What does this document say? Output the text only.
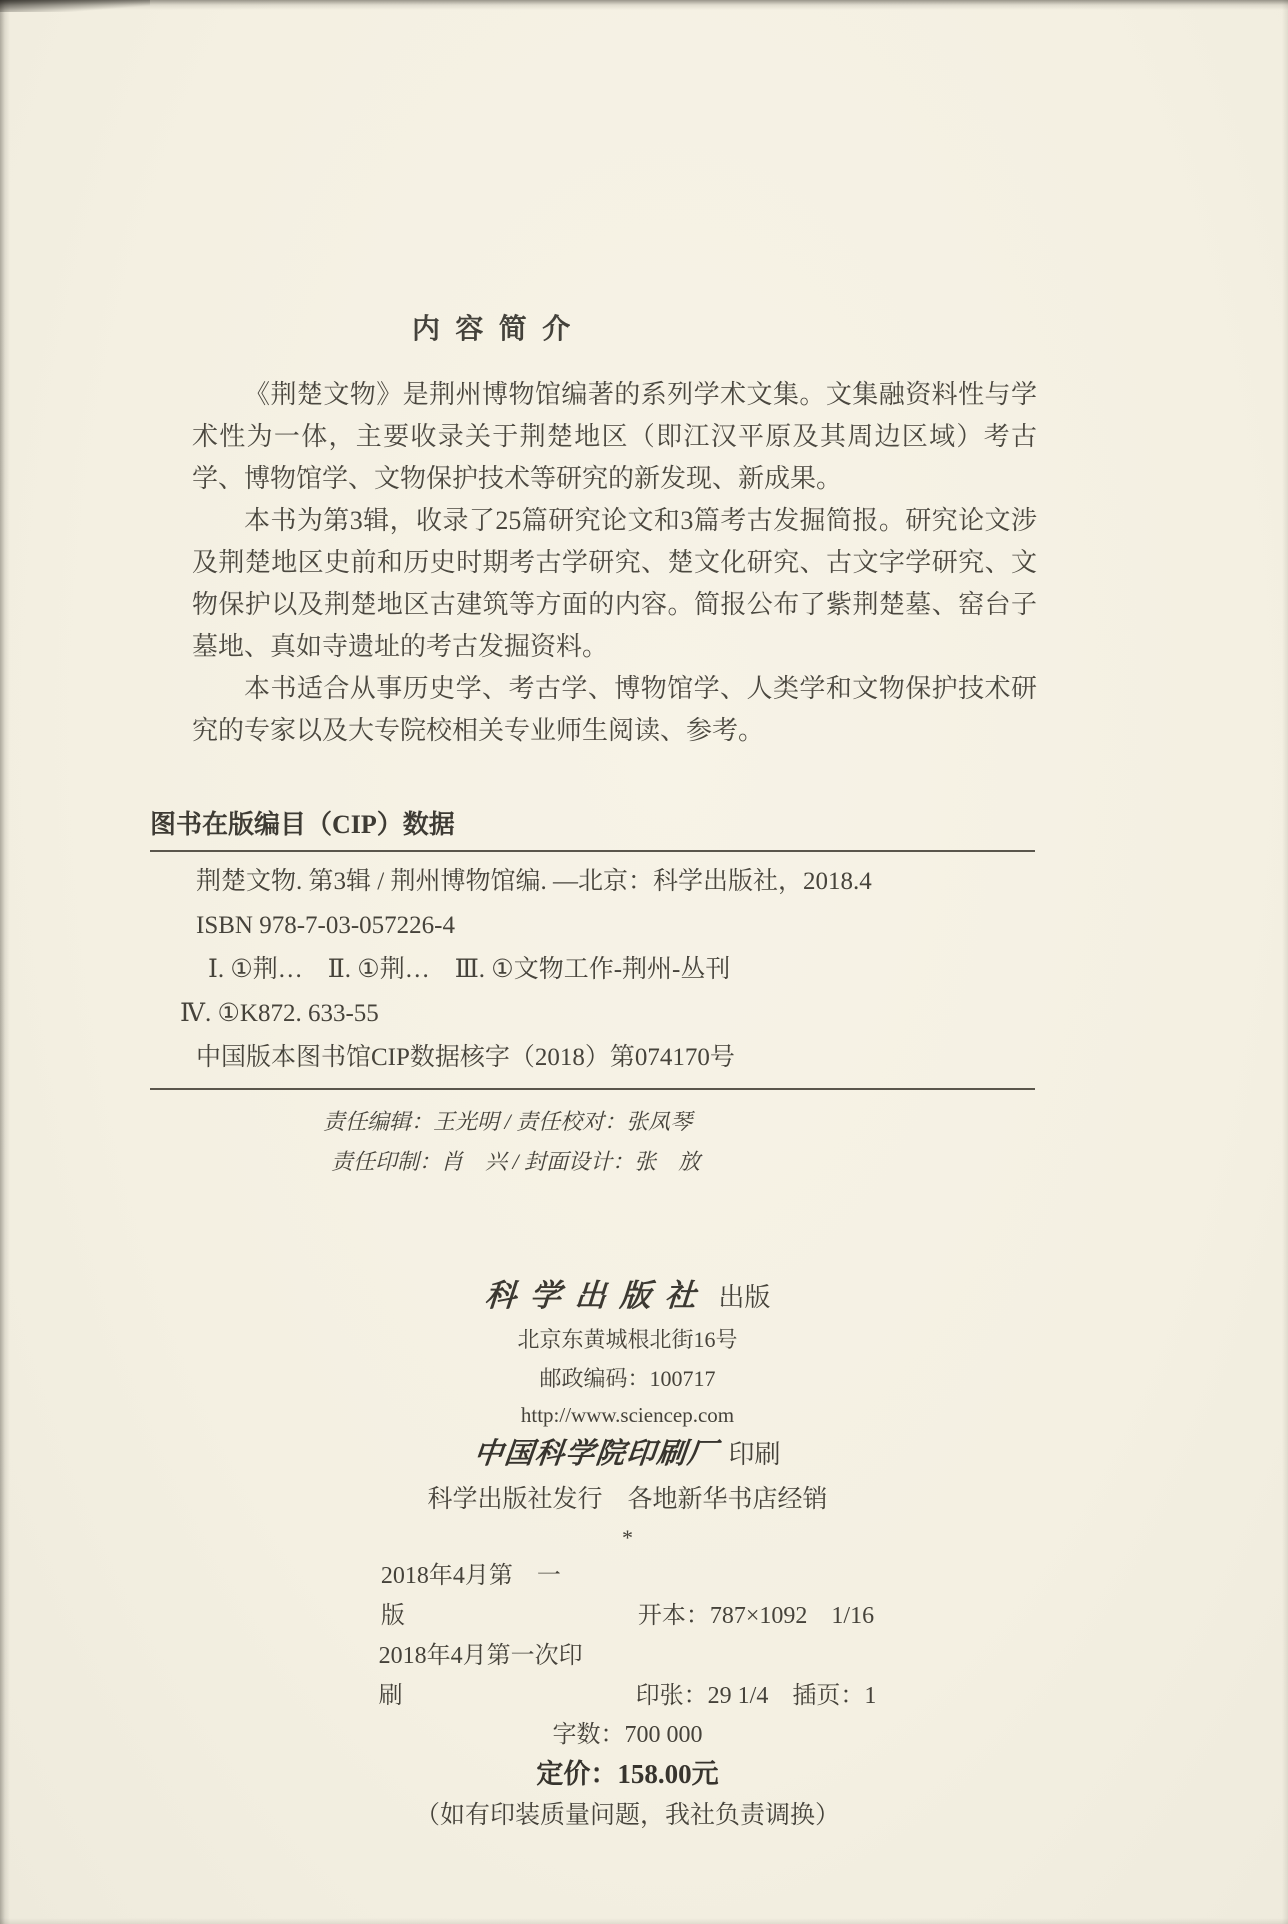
内容简介

《荆楚文物》是荆州博物馆编著的系列学术文集。文集融资料性与学术性为一体，主要收录关于荆楚地区（即江汉平原及其周边区域）考古学、博物馆学、文物保护技术等研究的新发现、新成果。

本书为第3辑，收录了25篇研究论文和3篇考古发掘简报。研究论文涉及荆楚地区史前和历史时期考古学研究、楚文化研究、古文字学研究、文物保护以及荆楚地区古建筑等方面的内容。简报公布了紫荆楚墓、窑台子墓地、真如寺遗址的考古发掘资料。

本书适合从事历史学、考古学、博物馆学、人类学和文物保护技术研究的专家以及大专院校相关专业师生阅读、参考。

图书在版编目（CIP）数据

荆楚文物. 第3辑 / 荆州博物馆编. —北京：科学出版社，2018.4

ISBN 978-7-03-057226-4

Ⅰ. ①荆…　Ⅱ. ①荆…　Ⅲ. ①文物工作-荆州-丛刊

Ⅳ. ①K872. 633-55

中国版本图书馆CIP数据核字（2018）第074170号

责任编辑：王光明 / 责任校对：张凤琴

责任印制：肖　兴 / 封面设计：张　放

科学出版社 出版

北京东黄城根北街16号

邮政编码：100717

http://www.sciencep.com

中国科学院印刷厂 印刷

科学出版社发行　各地新华书店经销

*

2018年4月第　一　版	开本：787×1092　1/16

2018年4月第一次印刷	印张：29 1/4　插页：1

字数：700 000

定价：158.00元

（如有印装质量问题，我社负责调换）
